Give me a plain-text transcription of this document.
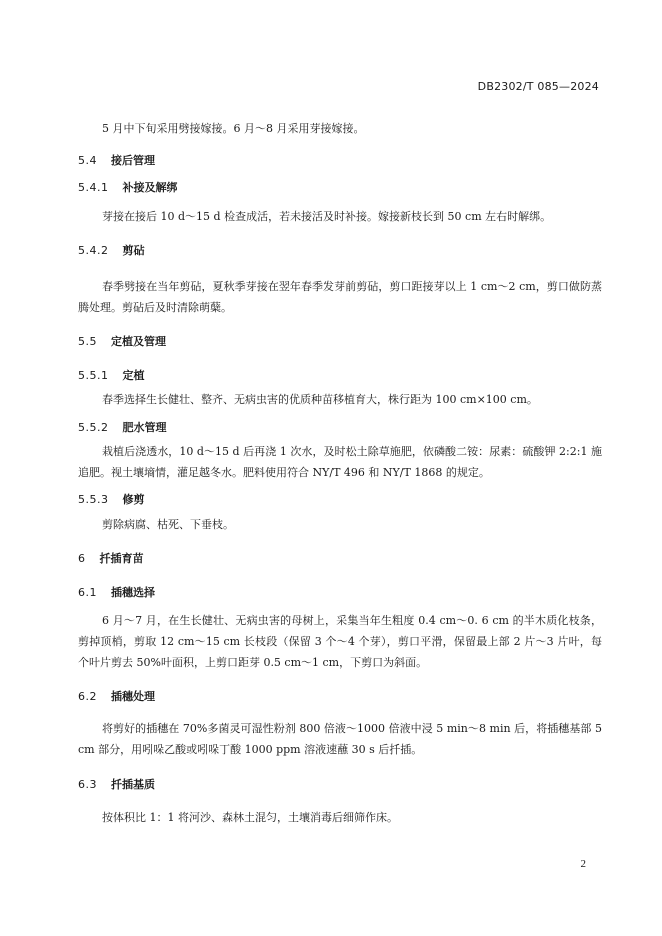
DB2302/T 085—2024
5 月中下旬采用劈接嫁接。6 月～8 月采用芽接嫁接。
5.4 接后管理
5.4.1 补接及解绑
芽接在接后 10 d～15 d 检查成活，若未接活及时补接。嫁接新枝长到 50 cm 左右时解绑。
5.4.2 剪砧
春季劈接在当年剪砧，夏秋季芽接在翌年春季发芽前剪砧，剪口距接芽以上 1 cm～2 cm，剪口做防蒸腾处理。剪砧后及时清除萌蘖。
5.5 定植及管理
5.5.1 定植
春季选择生长健壮、整齐、无病虫害的优质种苗移植育大，株行距为 100 cm×100 cm。
5.5.2 肥水管理
栽植后浇透水，10 d～15 d 后再浇 1 次水，及时松土除草施肥，依磷酸二铵：尿素：硫酸钾 2:2:1 施追肥。视土壤墒情，灌足越冬水。肥料使用符合 NY/T 496 和 NY/T 1868 的规定。
5.5.3 修剪
剪除病腐、枯死、下垂枝。
6 扦插育苗
6.1 插穗选择
6 月～7 月，在生长健壮、无病虫害的母树上，采集当年生粗度 0.4 cm～0. 6 cm 的半木质化枝条，剪掉顶梢，剪取 12 cm～15 cm 长枝段（保留 3 个～4 个芽），剪口平滑，保留最上部 2 片～3 片叶，每个叶片剪去 50%叶面积，上剪口距芽 0.5 cm～1 cm，下剪口为斜面。
6.2 插穗处理
将剪好的插穗在 70%多菌灵可湿性粉剂 800 倍液～1000 倍液中浸 5 min～8 min 后，将插穗基部 5 cm 部分，用吲哚乙酸或吲哚丁酸 1000 ppm 溶液速蘸 30 s 后扦插。
6.3 扦插基质
按体积比 1：1 将河沙、森林土混匀，土壤消毒后细筛作床。
2
